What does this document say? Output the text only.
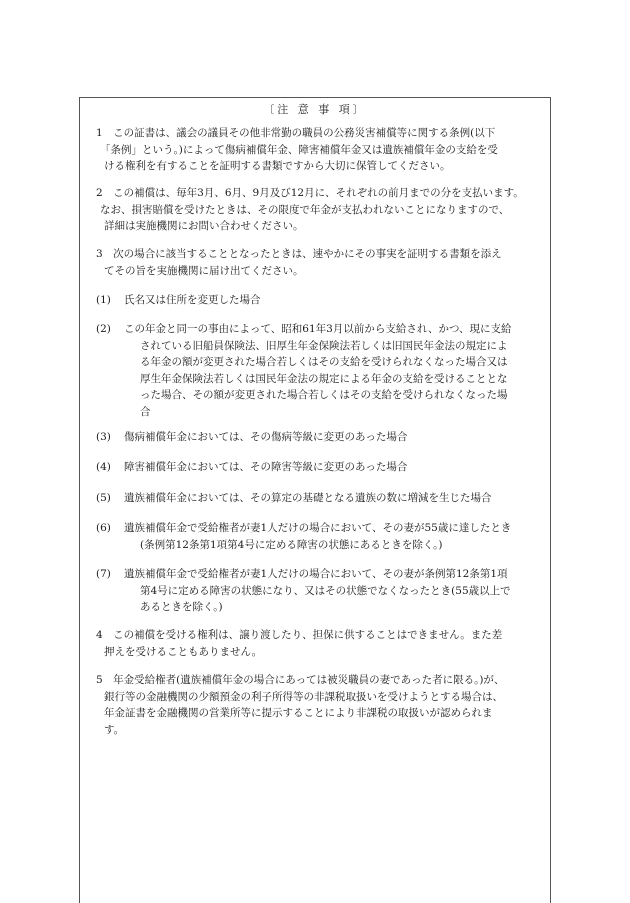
〔注 意 事 項〕
1　この証書は、議会の議員その他非常勤の職員の公務災害補償等に関する条例(以下
「条例」という。)によって傷病補償年金、障害補償年金又は遺族補償年金の支給を受
ける権利を有することを証明する書類ですから大切に保管してください。
2　この補償は、毎年3月、6月、9月及び12月に、それぞれの前月までの分を支払います。
なお、損害賠償を受けたときは、その限度で年金が支払われないことになりますので、
詳細は実施機関にお問い合わせください。
3　次の場合に該当することとなったときは、速やかにその事実を証明する書類を添え
てその旨を実施機関に届け出てください。
(1) 氏名又は住所を変更した場合
(2) この年金と同一の事由によって、昭和61年3月以前から支給され、かつ、現に支給
されている旧船員保険法、旧厚生年金保険法若しくは旧国民年金法の規定によ
る年金の額が変更された場合若しくはその支給を受けられなくなった場合又は
厚生年金保険法若しくは国民年金法の規定による年金の支給を受けることとな
った場合、その額が変更された場合若しくはその支給を受けられなくなった場
合
(3) 傷病補償年金においては、その傷病等級に変更のあった場合
(4) 障害補償年金においては、その障害等級に変更のあった場合
(5) 遺族補償年金においては、その算定の基礎となる遺族の数に増減を生じた場合
(6) 遺族補償年金で受給権者が妻1人だけの場合において、その妻が55歳に達したとき
(条例第12条第1項第4号に定める障害の状態にあるときを除く。)
(7) 遺族補償年金で受給権者が妻1人だけの場合において、その妻が条例第12条第1項
第4号に定める障害の状態になり、又はその状態でなくなったとき(55歳以上で
あるときを除く。)
4　この補償を受ける権利は、譲り渡したり、担保に供することはできません。また差
押えを受けることもありません。
5　年金受給権者(遺族補償年金の場合にあっては被災職員の妻であった者に限る。)が、
銀行等の金融機関の少額預金の利子所得等の非課税取扱いを受けようとする場合は、
年金証書を金融機関の営業所等に提示することにより非課税の取扱いが認められま
す。
